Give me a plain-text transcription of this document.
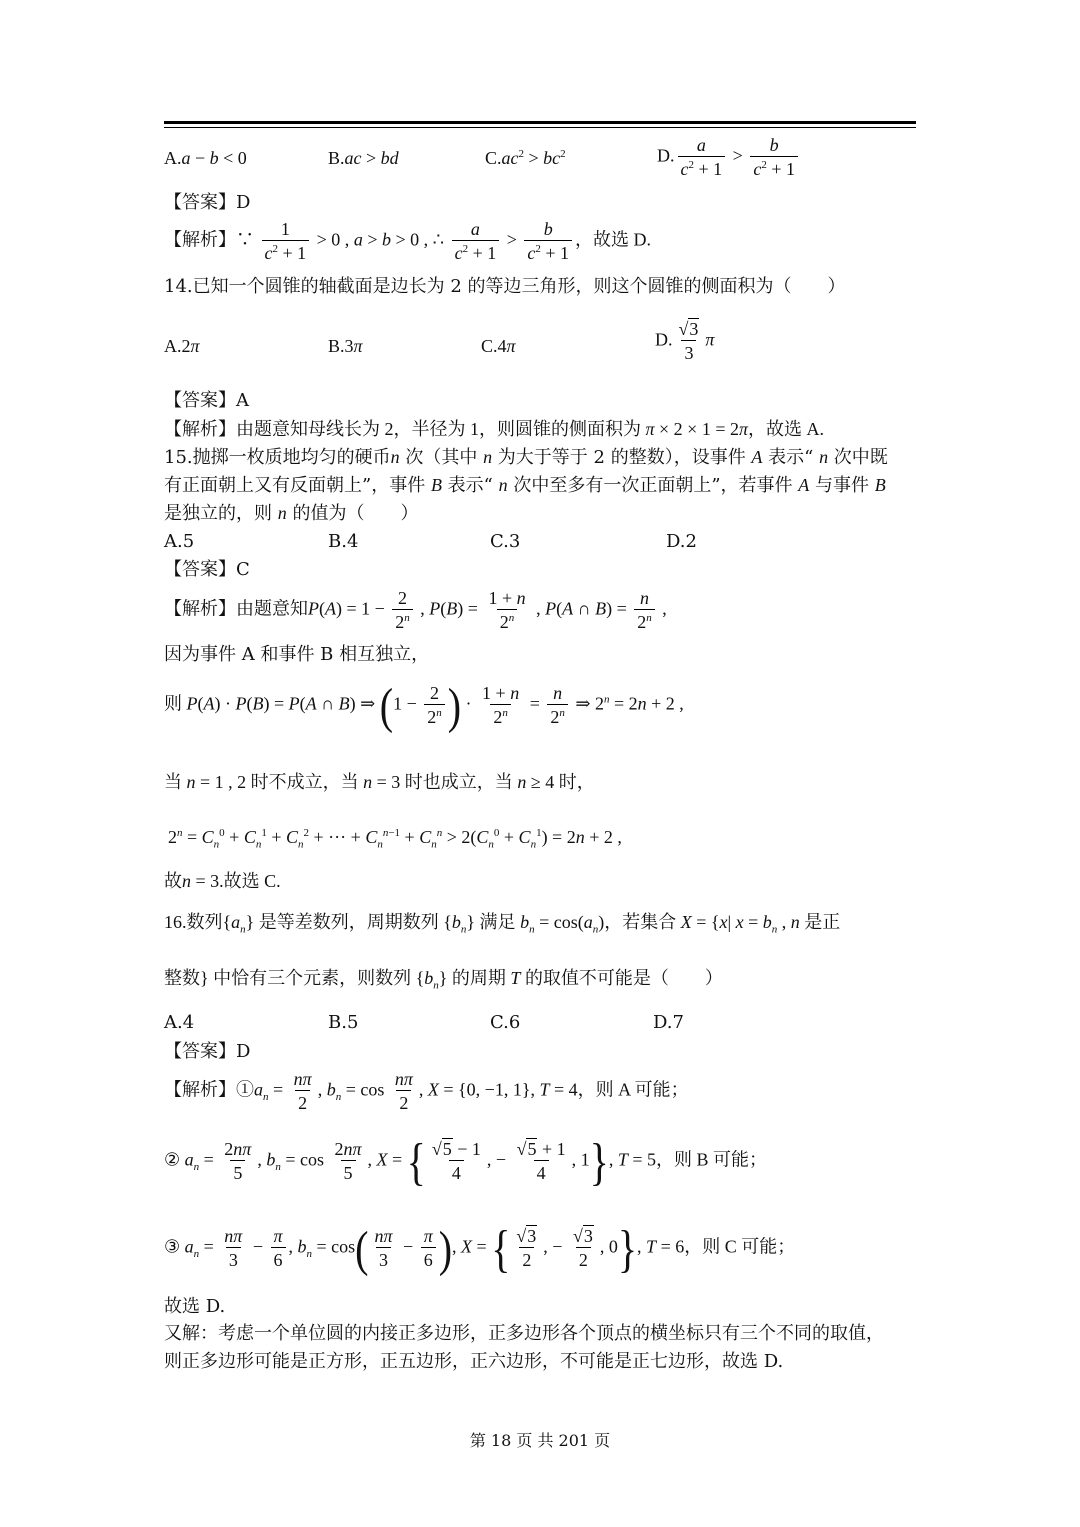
A.a − b < 0	B.ac > bd	$C.ac^2 > bc^2$	D. $\frac{a}{c^2 + 1} > \frac{b}{c^2 + 1}$
【答案】D
【解析】∵ $\frac{1}{c^2 + 1} > 0$ , a > b > 0 , ∴ $\frac{a}{c^2 + 1} > \frac{b}{c^2 + 1}$ ，故选 D.
14.已知一个圆锥的轴截面是边长为 2 的等边三角形，则这个圆锥的侧面积为（　　）
A.2π	B.3π	C.4π	D. $\frac{√3}{3}$ π
【答案】A
【解析】由题意知母线长为 2，半径为 1，则圆锥的侧面积为 π × 2 × 1 = 2π，故选 A.
15.抛掷一枚质地均匀的硬币n 次（其中 n 为大于等于 2 的整数），设事件 A 表示“ n 次中既
有正面朝上又有反面朝上”，事件 B 表示“ n 次中至多有一次正面朝上”，若事件 A 与事件 B
是独立的，则 n 的值为（　　）
A.5	B.4	C.3	D.2
【答案】C
【解析】由题意知$P(A) = 1 - \frac{2}{2^n}$ , $P(B) = \frac{1 + n}{2^n}$ , P(A ∩ $B) = \frac{n}{2^n}$ ,
因为事件 A 和事件 B 相互独立，
则 P(A) · P(B) = P(A ∩ B) ⇒ ($1 - \frac{2}{2^n}$ ) · $\frac{1 + n}{2^n} = \frac{n}{2^n}$ ⇒ $2^n = 2n + 2$ ,
当 n = 1 , 2 时不成立，当 n = 3 时也成立，当 n ≥ 4 时，
$2^n = C_n^0 + C_n^1 + C_n^2$ + ··· + $C_n^{n-1} + C_n^n > 2(C_n^0 + C_n^1) = 2n + 2$ ,
故n = 3.故选 C.
16.数列$\{a_n\}$ 是等差数列，周期数列 $\{b_n\}$ 满足 $b_n = \cos(a_n)$，若集合 X = {x| $x = b_n$ , n 是正
整数} 中恰有三个元素，则数列 $\{b_n\}$ 的周期 T 的取值不可能是（　　）
A.4	B.5	C.6	D.7
【答案】D
【解析】$①a_n = \frac{n\pi}{2}$ , $b_n = \cos \frac{n\pi}{2}$ , X = {0, −1, 1}, T = 4，则 A 可能；
② $a_n = \frac{2n\pi}{5}$ , $b_n = \cos \frac{2n\pi}{5}$ , X = { $\frac{√5 - 1}{4}$ , − $\frac{√5 + 1}{4}$ , 1}, T = 5，则 B 可能；
③ $a_n = \frac{n\pi}{3} - \frac{\pi}{6}$ , $b_n = \cos( \frac{n\pi}{3} - \frac{\pi}{6}$ ), X = { $\frac{√3}{2}$ , − $\frac{√3}{2}$ , 0}, T = 6，则 C 可能；
故选 D.
又解：考虑一个单位圆的内接正多边形，正多边形各个顶点的横坐标只有三个不同的取值，
则正多边形可能是正方形，正五边形，正六边形，不可能是正七边形，故选 D.
第 18 页 共 201 页
